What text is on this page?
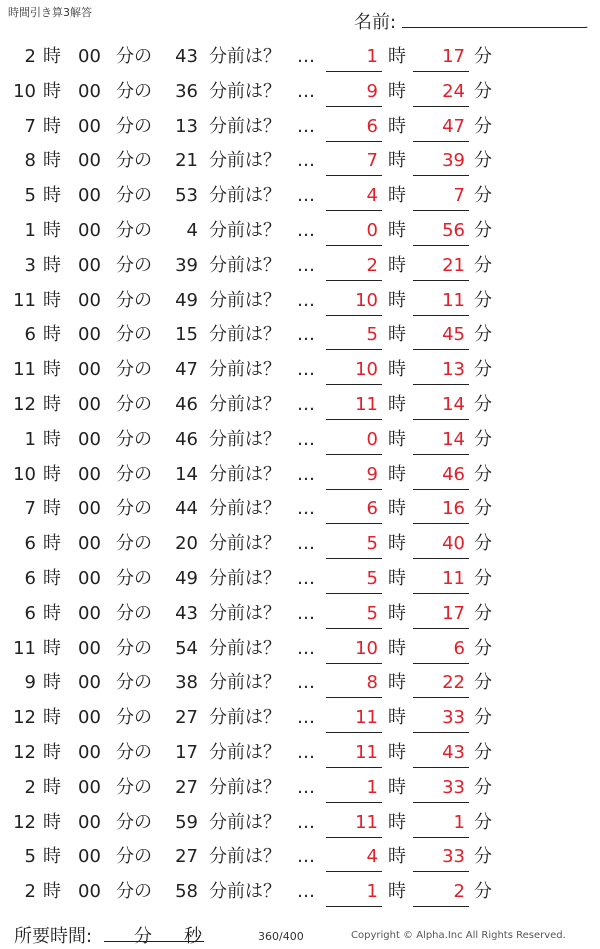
時間引き算3解答	名前:	.
2 時 00 分の	43 分前は？ …	1 時	17 分
10 時 00 分の	36 分前は？ …	9 時	24 分
7 時 00 分の	13 分前は？ …	6 時	47 分
8 時 00 分の	21 分前は？ …	7 時	39 分
5 時 00 分の	53 分前は？ …	4 時	7 分
1 時 00 分の	4 分前は？ …	0 時	56 分
3 時 00 分の	39 分前は？ …	2 時	21 分
11 時 00 分の	49 分前は？ …	10 時	11 分
6 時 00 分の	15 分前は？ …	5 時	45 分
11 時 00 分の	47 分前は？ …	10 時	13 分
12 時 00 分の	46 分前は？ …	11 時	14 分
1 時 00 分の	46 分前は？ …	0 時	14 分
10 時 00 分の	14 分前は？ …	9 時	46 分
7 時 00 分の	44 分前は？ …	6 時	16 分
6 時 00 分の	20 分前は？ …	5 時	40 分
6 時 00 分の	49 分前は？ …	5 時	11 分
6 時 00 分の	43 分前は？ …	5 時	17 分
11 時 00 分の	54 分前は？ …	10 時	6 分
9 時 00 分の	38 分前は？ …	8 時	22 分
12 時 00 分の	27 分前は？ …	11 時	33 分
12 時 00 分の	17 分前は？ …	11 時	43 分
2 時 00 分の	27 分前は？ …	1 時	33 分
12 時 00 分の	59 分前は？ …	11 時	1 分
5 時 00 分の	27 分前は？ …	4 時	33 分
2 時 00 分の	58 分前は？ …	1 時	2 分
所要時間: 分 秒	360/400	Copyright © Alpha.Inc All Rights Reserved.
